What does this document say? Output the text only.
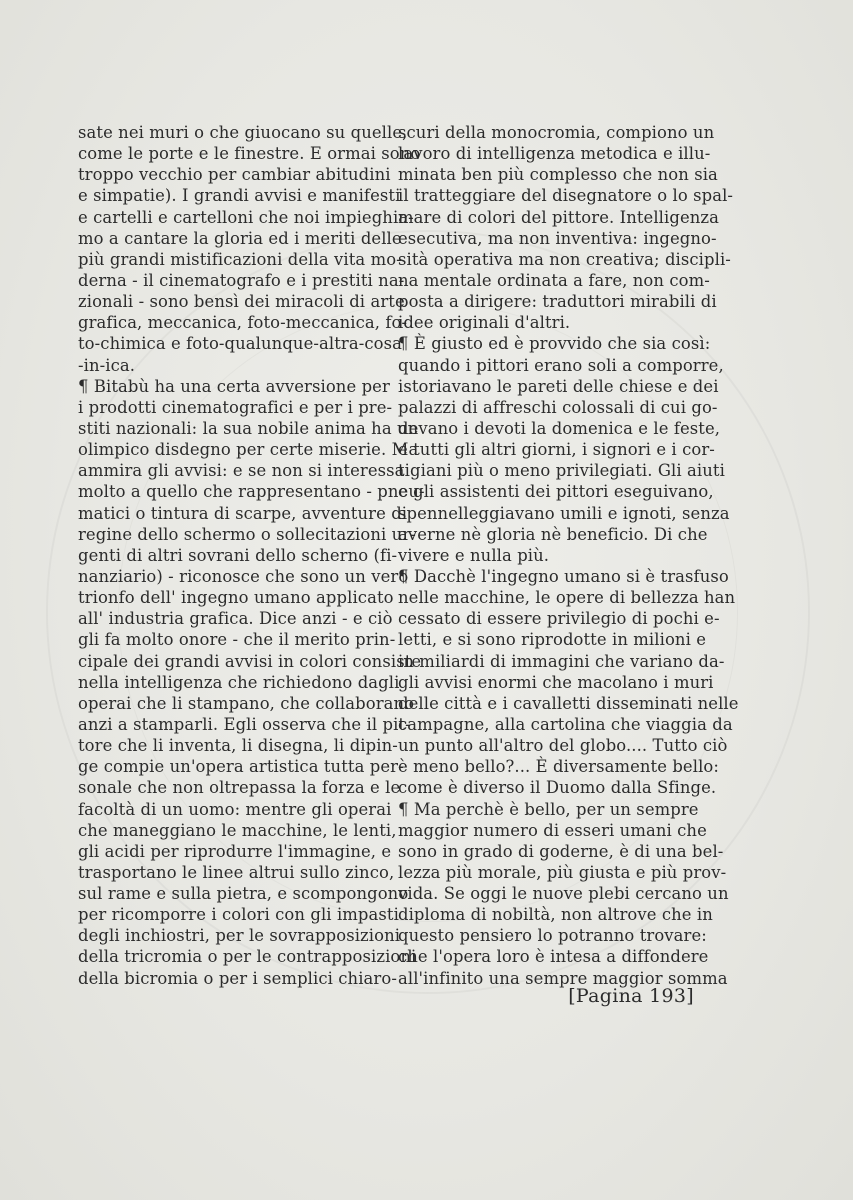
sate nei muri o che giuocano su quelle,
come le porte e le finestre. E ormai sono
troppo vecchio per cambiar abitudini
e simpatie). I grandi avvisi e manifesti
e cartelli e cartelloni che noi impieghia-
mo a cantare la gloria ed i meriti delle
più grandi mistificazioni della vita mo-
derna - il cinematografo e i prestiti na-
zionali - sono bensì dei miracoli di arte
grafica, meccanica, foto-meccanica, fo-
to-chimica e foto-qualunque-altra-cosa
-in-ica.
¶ Bitabù ha una certa avversione per
i prodotti cinematografici e per i pre-
stiti nazionali: la sua nobile anima ha un
olimpico disdegno per certe miserie. Ma
ammira gli avvisi: e se non si interessa
molto a quello che rappresentano - pneu-
matici o tintura di scarpe, avventure di
regine dello schermo o sollecitazioni ur-
genti di altri sovrani dello scherno (fi-
nanziario) - riconosce che sono un vero
trionfo dell' ingegno umano applicato
all' industria grafica. Dice anzi - e ciò
gli fa molto onore - che il merito prin-
cipale dei grandi avvisi in colori consiste
nella intelligenza che richiedono dagli
operai che li stampano, che collaborano
anzi a stamparli. Egli osserva che il pit-
tore che li inventa, li disegna, li dipin-
ge compie un'opera artistica tutta per-
sonale che non oltrepassa la forza e le
facoltà di un uomo: mentre gli operai
che maneggiano le macchine, le lenti,
gli acidi per riprodurre l'immagine, e
trasportano le linee altrui sullo zinco,
sul rame e sulla pietra, e scompongono
per ricomporre i colori con gli impasti
degli inchiostri, per le sovrapposizioni
della tricromia o per le contrapposizioni
della bicromia o per i semplici chiaro-
scuri della monocromia, compiono un
lavoro di intelligenza metodica e illu-
minata ben più complesso che non sia
il tratteggiare del disegnatore o lo spal-
mare di colori del pittore. Intelligenza
esecutiva, ma non inventiva: ingegno-
sità operativa ma non creativa; discipli-
na mentale ordinata a fare, non com-
posta a dirigere: traduttori mirabili di
idee originali d'altri.
¶ È giusto ed è provvido che sia così:
quando i pittori erano soli a comporre,
istoriavano le pareti delle chiese e dei
palazzi di affreschi colossali di cui go-
devano i devoti la domenica e le feste,
e tutti gli altri giorni, i signori e i cor-
tigiani più o meno privilegiati. Gli aiuti
e gli assistenti dei pittori eseguivano,
spennelleggiavano umili e ignoti, senza
averne nè gloria nè beneficio. Di che
vivere e nulla più.
¶ Dacchè l'ingegno umano si è trasfuso
nelle macchine, le opere di bellezza han
cessato di essere privilegio di pochi e-
letti, e si sono riprodotte in milioni e
in miliardi di immagini che variano da-
gli avvisi enormi che macolano i muri
delle città e i cavalletti disseminati nelle
campagne, alla cartolina che viaggia da
un punto all'altro del globo.... Tutto ciò
è meno bello?... È diversamente bello:
come è diverso il Duomo dalla Sfinge.
¶ Ma perchè è bello, per un sempre
maggior numero di esseri umani che
sono in grado di goderne, è di una bel-
lezza più morale, più giusta e più prov-
vida. Se oggi le nuove plebi cercano un
diploma di nobiltà, non altrove che in
questo pensiero lo potranno trovare:
che l'opera loro è intesa a diffondere
all'infinito una sempre maggior somma
[Pagina 193]
